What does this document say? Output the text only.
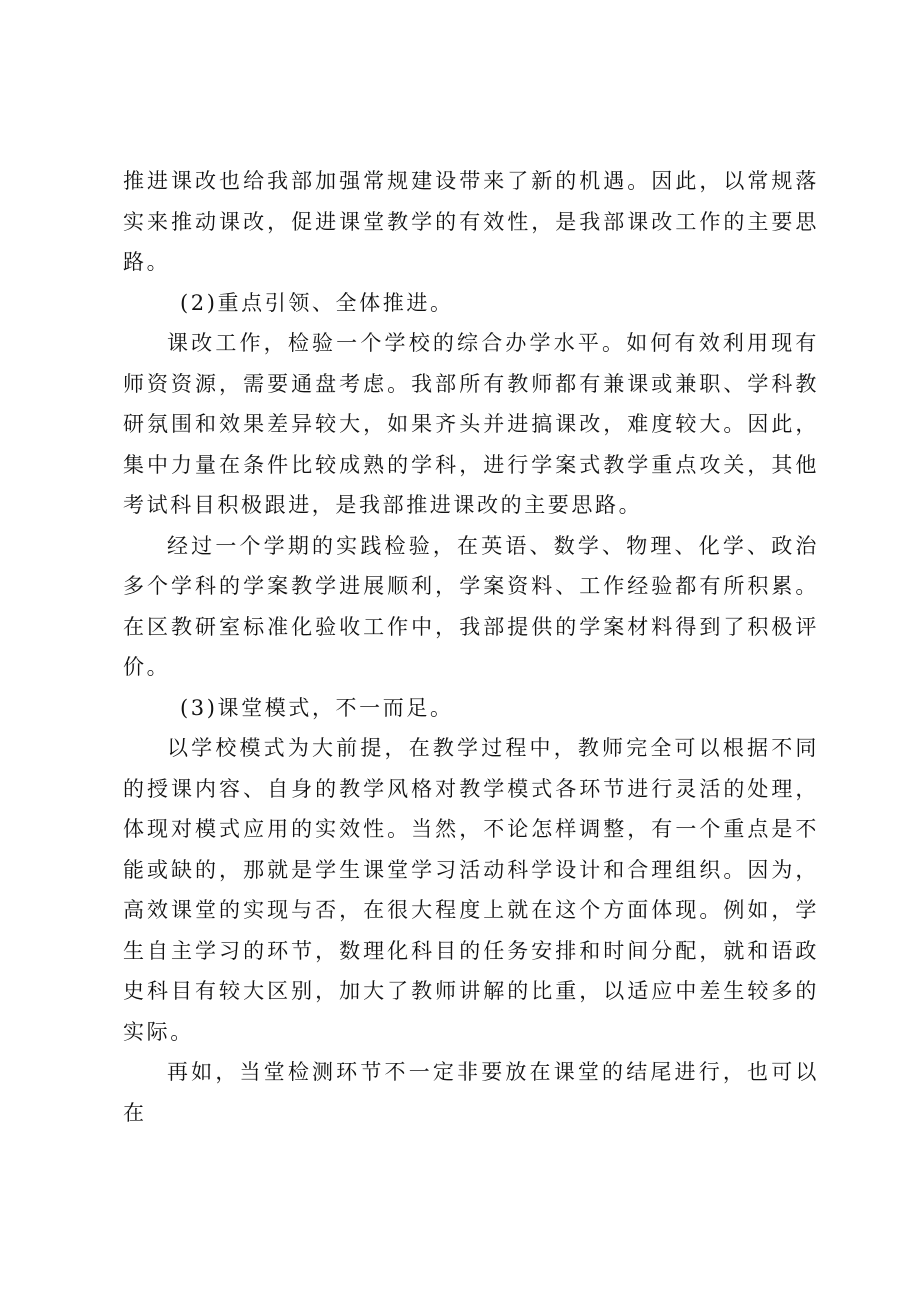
推进课改也给我部加强常规建设带来了新的机遇。因此，以常规落实来推动课改，促进课堂教学的有效性，是我部课改工作的主要思路。

(2)重点引领、全体推进。

课改工作，检验一个学校的综合办学水平。如何有效利用现有师资资源，需要通盘考虑。我部所有教师都有兼课或兼职、学科教研氛围和效果差异较大，如果齐头并进搞课改，难度较大。因此，集中力量在条件比较成熟的学科，进行学案式教学重点攻关，其他考试科目积极跟进，是我部推进课改的主要思路。

经过一个学期的实践检验，在英语、数学、物理、化学、政治多个学科的学案教学进展顺利，学案资料、工作经验都有所积累。在区教研室标准化验收工作中，我部提供的学案材料得到了积极评价。

(3)课堂模式，不一而足。

以学校模式为大前提，在教学过程中，教师完全可以根据不同的授课内容、自身的教学风格对教学模式各环节进行灵活的处理，体现对模式应用的实效性。当然，不论怎样调整，有一个重点是不能或缺的，那就是学生课堂学习活动科学设计和合理组织。因为，高效课堂的实现与否，在很大程度上就在这个方面体现。例如，学生自主学习的环节，数理化科目的任务安排和时间分配，就和语政史科目有较大区别，加大了教师讲解的比重，以适应中差生较多的实际。

再如，当堂检测环节不一定非要放在课堂的结尾进行，也可以在
